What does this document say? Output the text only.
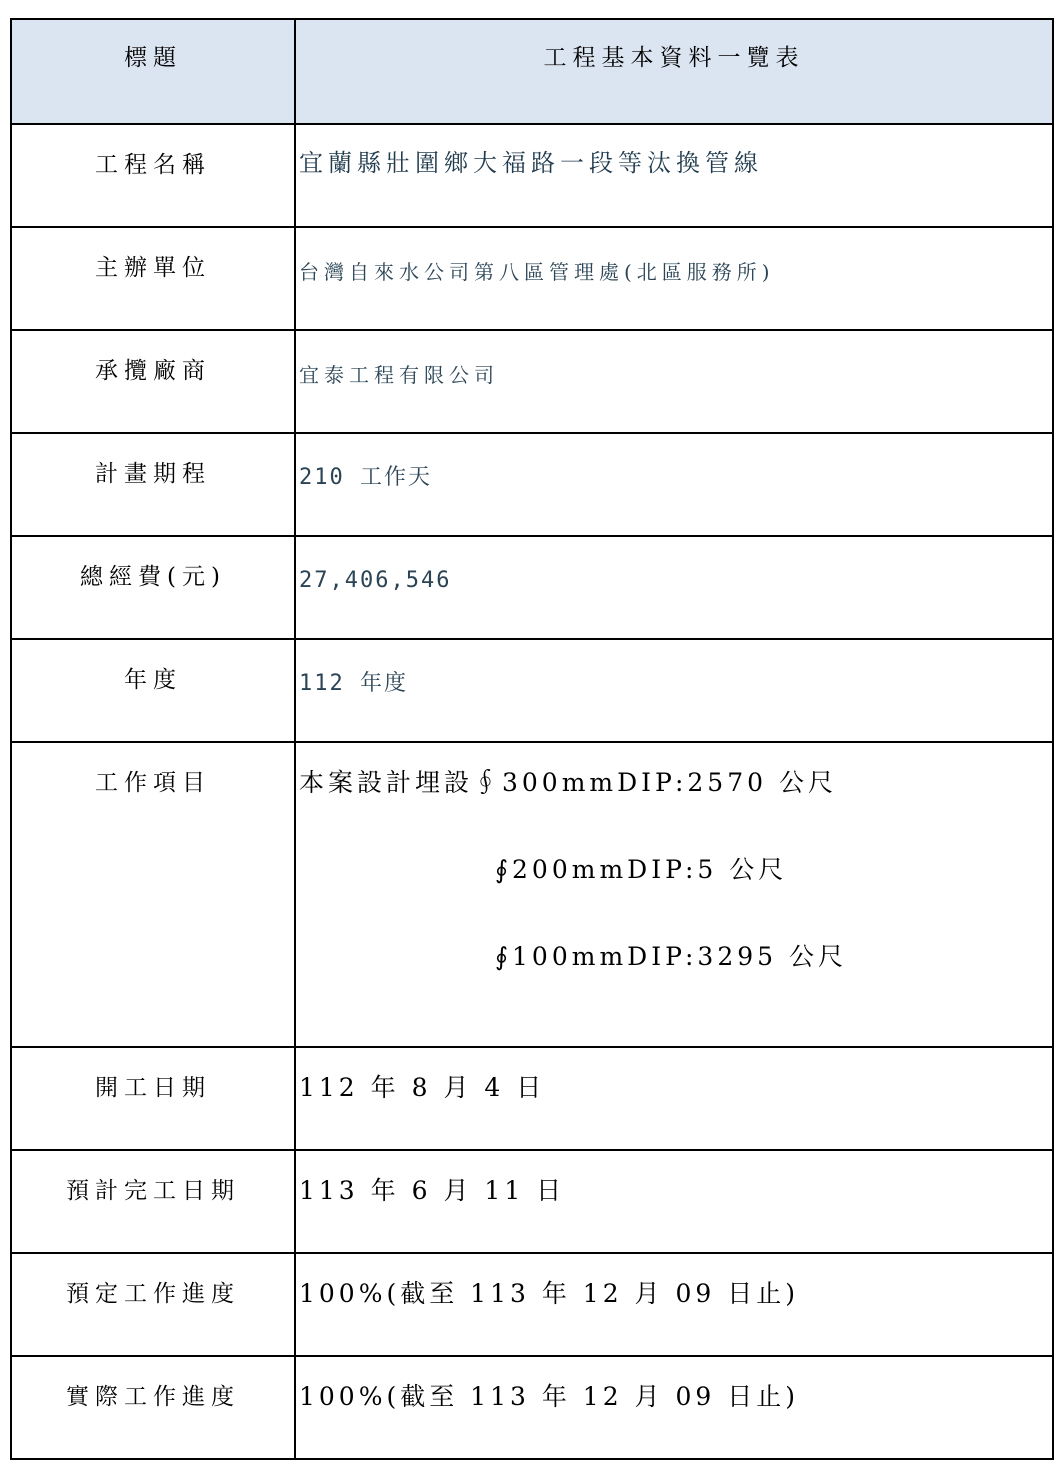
標題	工程基本資料一覽表

工程名稱	宜蘭縣壯圍鄉大福路一段等汰換管線

主辦單位	台灣自來水公司第八區管理處(北區服務所)

承攬廠商	宜泰工程有限公司

計畫期程	210 工作天

總經費(元)	27,406,546

年度	112 年度

工作項目	本案設計埋設∮300mmDIP:2570 公尺
∮200mmDIP:5 公尺
∮100mmDIP:3295 公尺

開工日期	112 年 8 月 4 日

預計完工日期	113 年 6 月 11 日

預定工作進度	100%(截至 113 年 12 月 09 日止)

實際工作進度	100%(截至 113 年 12 月 09 日止)
